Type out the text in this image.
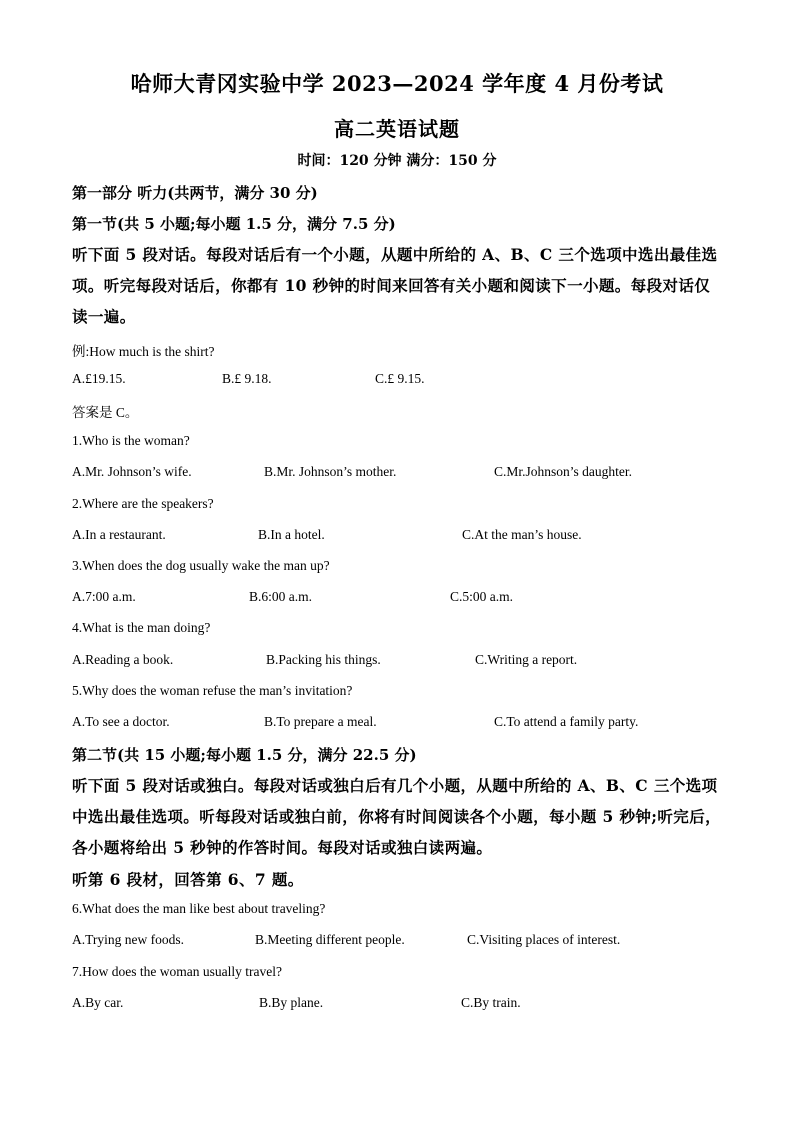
哈师大青冈实验中学 2023—2024 学年度 4 月份考试
高二英语试题
时间：120 分钟 满分：150 分
第一部分 听力(共两节，满分 30 分)
第一节(共 5 小题;每小题 1.5 分，满分 7.5 分)
听下面 5 段对话。每段对话后有一个小题，从题中所给的 A、B、C 三个选项中选出最佳选
项。听完每段对话后，你都有 10 秒钟的时间来回答有关小题和阅读下一小题。每段对话仅
读一遍。
例:How much is the shirt?
A.£19.15.	B.£ 9.18.	C.£ 9.15.
答案是 C。
1.Who is the woman?
A.Mr. Johnson’s wife.	B.Mr. Johnson’s mother.	C.Mr.Johnson’s daughter.
2.Where are the speakers?
A.In a restaurant.	B.In a hotel.	C.At the man’s house.
3.When does the dog usually wake the man up?
A.7:00 a.m.	B.6:00 a.m.	C.5:00 a.m.
4.What is the man doing?
A.Reading a book.	B.Packing his things.	C.Writing a report.
5.Why does the woman refuse the man’s invitation?
A.To see a doctor.	B.To prepare a meal.	C.To attend a family party.
第二节(共 15 小题;每小题 1.5 分，满分 22.5 分)
听下面 5 段对话或独白。每段对话或独白后有几个小题，从题中所给的 A、B、C 三个选项
中选出最佳选项。听每段对话或独白前，你将有时间阅读各个小题，每小题 5 秒钟;听完后，
各小题将给出 5 秒钟的作答时间。每段对话或独白读两遍。
听第 6 段材，回答第 6、7 题。
6.What does the man like best about traveling?
A.Trying new foods.	B.Meeting different people.	C.Visiting places of interest.
7.How does the woman usually travel?
A.By car.	B.By plane.	C.By train.
